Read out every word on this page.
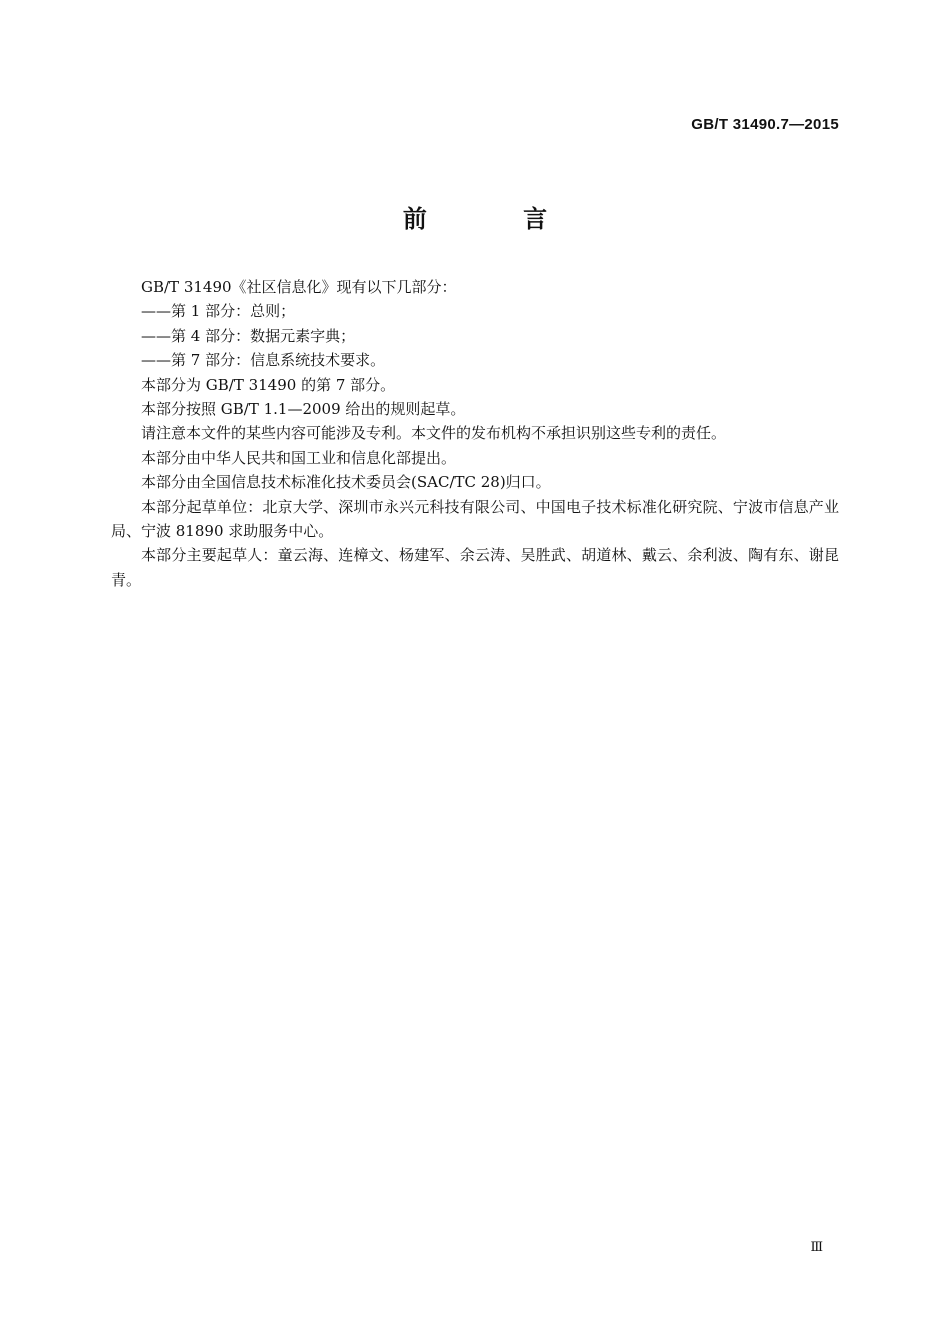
GB/T 31490.7—2015
前 言

GB/T 31490《社区信息化》现有以下几部分：

——第 1 部分：总则；

——第 4 部分：数据元素字典；

——第 7 部分：信息系统技术要求。

本部分为 GB/T 31490 的第 7 部分。

本部分按照 GB/T 1.1—2009 给出的规则起草。

请注意本文件的某些内容可能涉及专利。本文件的发布机构不承担识别这些专利的责任。

本部分由中华人民共和国工业和信息化部提出。

本部分由全国信息技术标准化技术委员会(SAC/TC 28)归口。

本部分起草单位：北京大学、深圳市永兴元科技有限公司、中国电子技术标准化研究院、宁波市信息产业局、宁波 81890 求助服务中心。

本部分主要起草人：童云海、连樟文、杨建军、余云涛、吴胜武、胡道林、戴云、余利波、陶有东、谢昆青。

Ⅲ
